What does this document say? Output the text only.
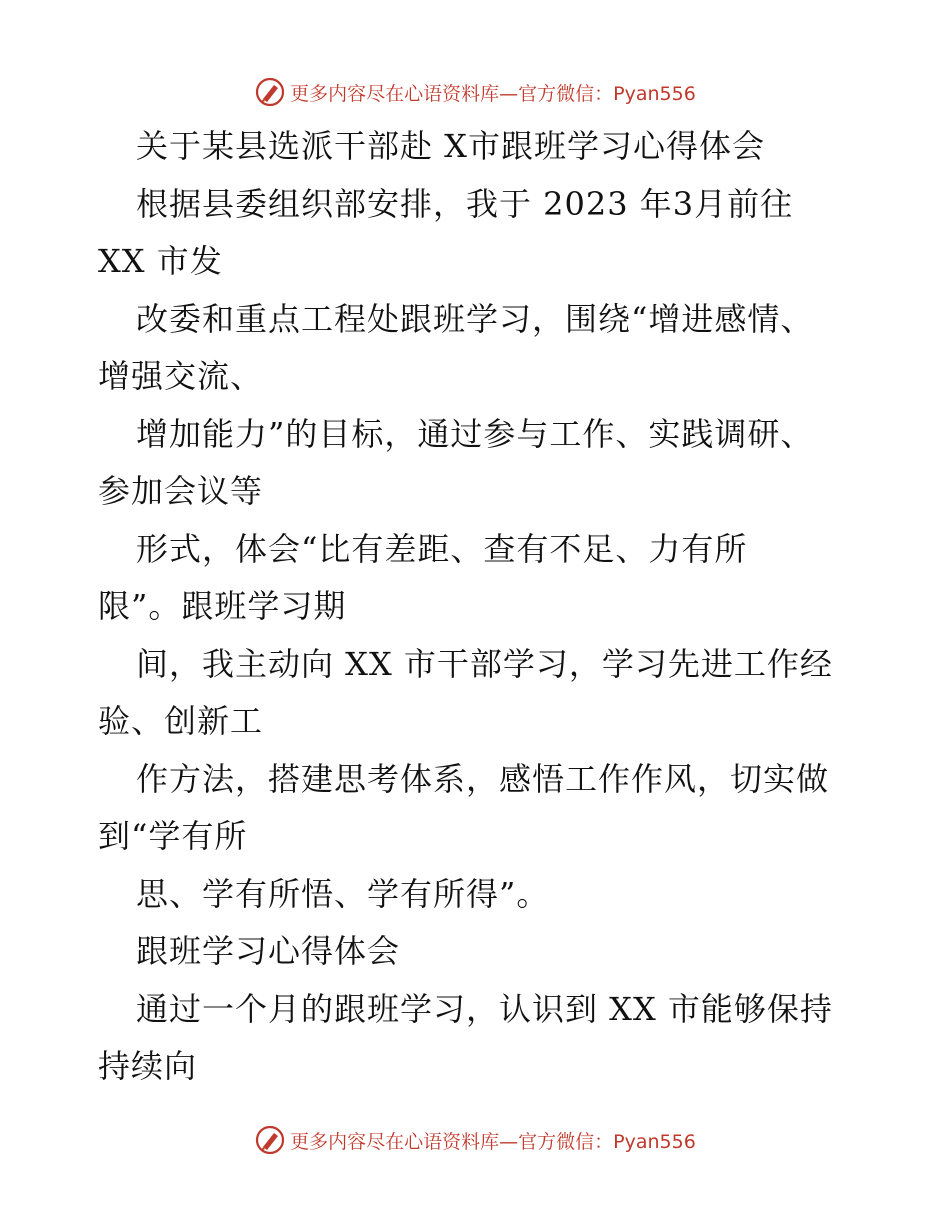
更多内容尽在心语资料库—官方微信：Pyan556
关于某县选派干部赴 X市跟班学习心得体会
根据县委组织部安排，我于 2023 年3月前往
XX 市发
改委和重点工程处跟班学习，围绕“增进感情、
增强交流、
增加能力”的目标，通过参与工作、实践调研、
参加会议等
形式，体会“比有差距、查有不足、力有所
限”。跟班学习期
间，我主动向 XX 市干部学习，学习先进工作经
验、创新工
作方法，搭建思考体系，感悟工作作风，切实做
到“学有所
思、学有所悟、学有所得”。
跟班学习心得体会
通过一个月的跟班学习，认识到 XX 市能够保持
持续向
更多内容尽在心语资料库—官方微信：Pyan556
